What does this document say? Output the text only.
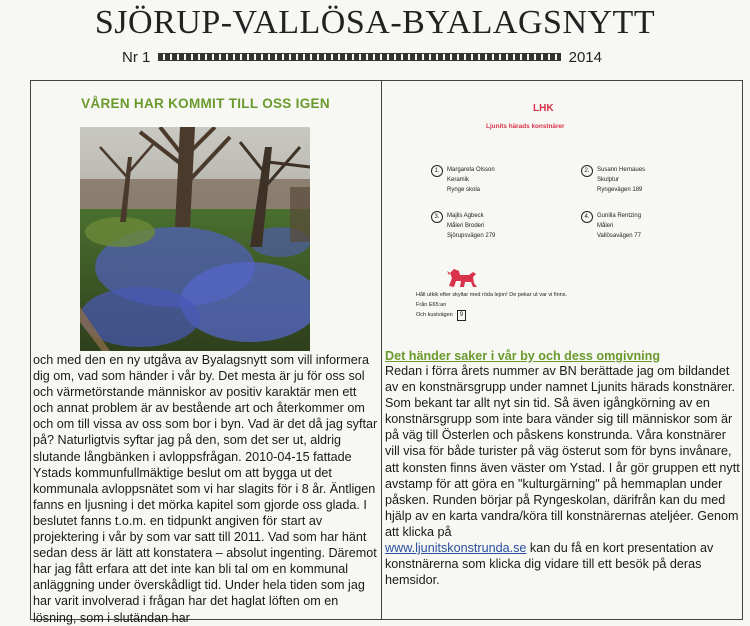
SJÖRUP-VALLÖSA-BYALAGSNYTT
Nr 1	2014
VÅREN HAR KOMMIT TILL OSS IGEN

och med den en ny utgåva av Byalagsnytt som vill informera dig om, vad som händer i vår by. Det mesta är ju för oss sol och värmetörstande människor av positiv karaktär men ett och annat problem är av bestående art och återkommer om och om till vissa av oss som bor i byn. Vad är det då jag syftar på? Naturligtvis syftar jag på den, som det ser ut, aldrig slutande långbänken i avloppsfrågan. 2010-04-15 fattade Ystads kommunfullmäktige beslut om att bygga ut det kommunala avloppsnätet som vi har slagits för i 8 år. Äntligen fanns en ljusning i det mörka kapitel som gjorde oss glada. I beslutet fanns t.o.m. en tidpunkt angiven för start av projektering i vår by som var satt till 2011. Vad som har hänt sedan dess är lätt att konstatera – absolut ingenting. Däremot har jag fått erfara att det inte kan bli tal om en kommunal anläggning under överskådligt tid. Under hela tiden som jag har varit involverad i frågan har det haglat löften om en lösning, som i slutändan har

LHK
Ljunits härads konstnärer
1.	Margareta Olsson
Keramik
Rynge skola
2.	Susann Hernaues
Skulptur
Ryngevägen 189
3.	Majlis Agbeck
Måleri Broderi
Sjörupsvägen 279
4.	Gunilla Rentzing
Måleri
Vallösavägen 77
Håll utkik efter skyltar med röda lejon! De pekar ut var vi finns.
Från E65:an
Och kustvägen 9
Det händer saker i vår by och dess omgivning

Redan i förra årets nummer av BN berättade jag om bildandet av en konstnärsgrupp under namnet Ljunits härads konstnärer. Som bekant tar allt nyt sin tid. Så även igångkörning av en konstnärsgrupp som inte bara vänder sig till människor som är på väg till Österlen och påskens konstrunda. Våra konstnärer vill visa för både turister på väg österut som för byns invånare, att konsten finns även väster om Ystad. I år gör gruppen ett nytt avstamp för att göra en "kulturgärning" på hemmaplan under påsken. Runden börjar på Ryngeskolan, därifrån kan du med hjälp av en karta vandra/köra till konstnärernas ateljéer. Genom att klicka på
www.ljunitskonstrunda.se kan du få en kort presentation av konstnärerna som klicka dig vidare till ett besök på deras hemsidor.
